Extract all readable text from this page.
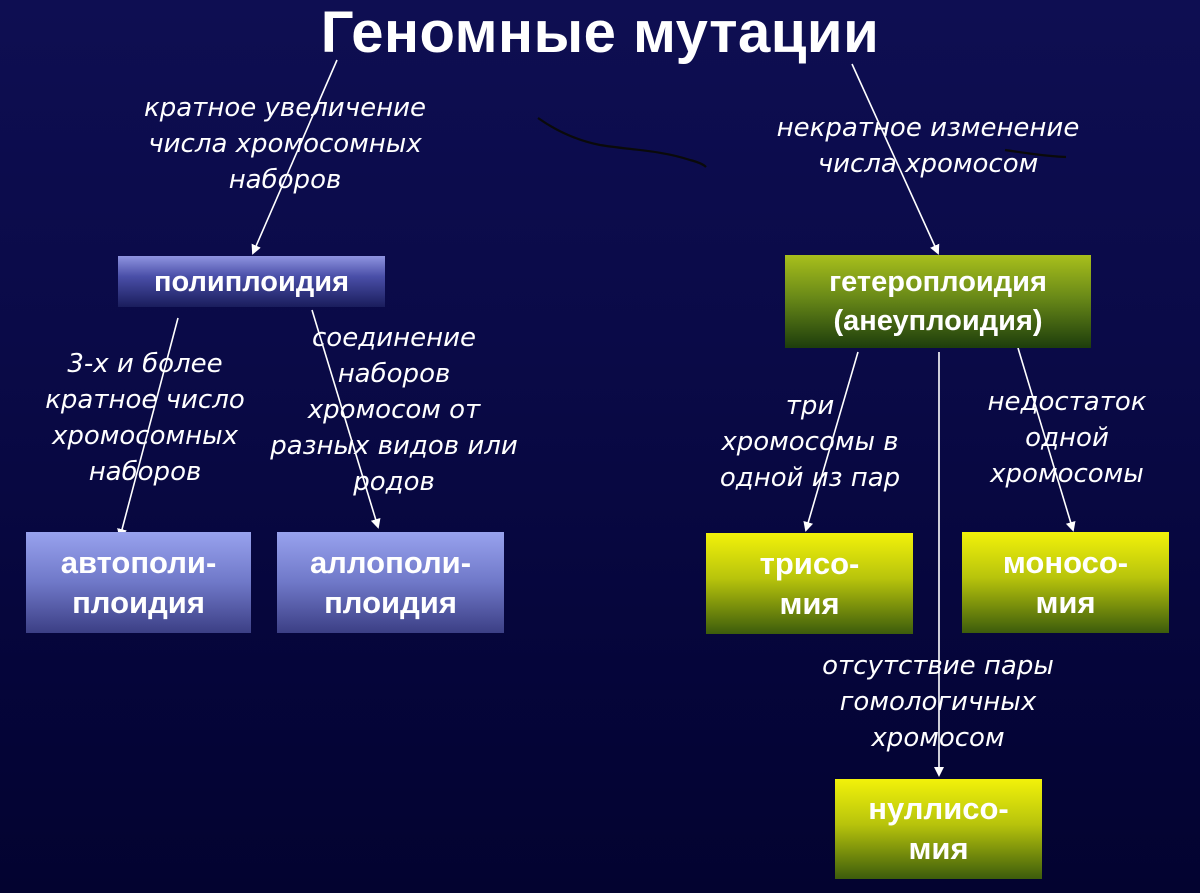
Геномные мутации
кратное увеличение
числа хромосомных
наборов
некратное изменение
числа хромосом
полиплоидия	гетероплоидия
(анеуплоидия)
3-х и более
кратное число
хромосомных
наборов
соединение
наборов
хромосом от
разных видов или
родов
три
хромосомы в
одной из пар
недостаток
одной
хромосомы
автополи-
плоидия
аллополи-
плоидия
трисо-
мия
моносо-
мия
отсутствие пары
гомологичных
хромосом
нуллисо-
мия
